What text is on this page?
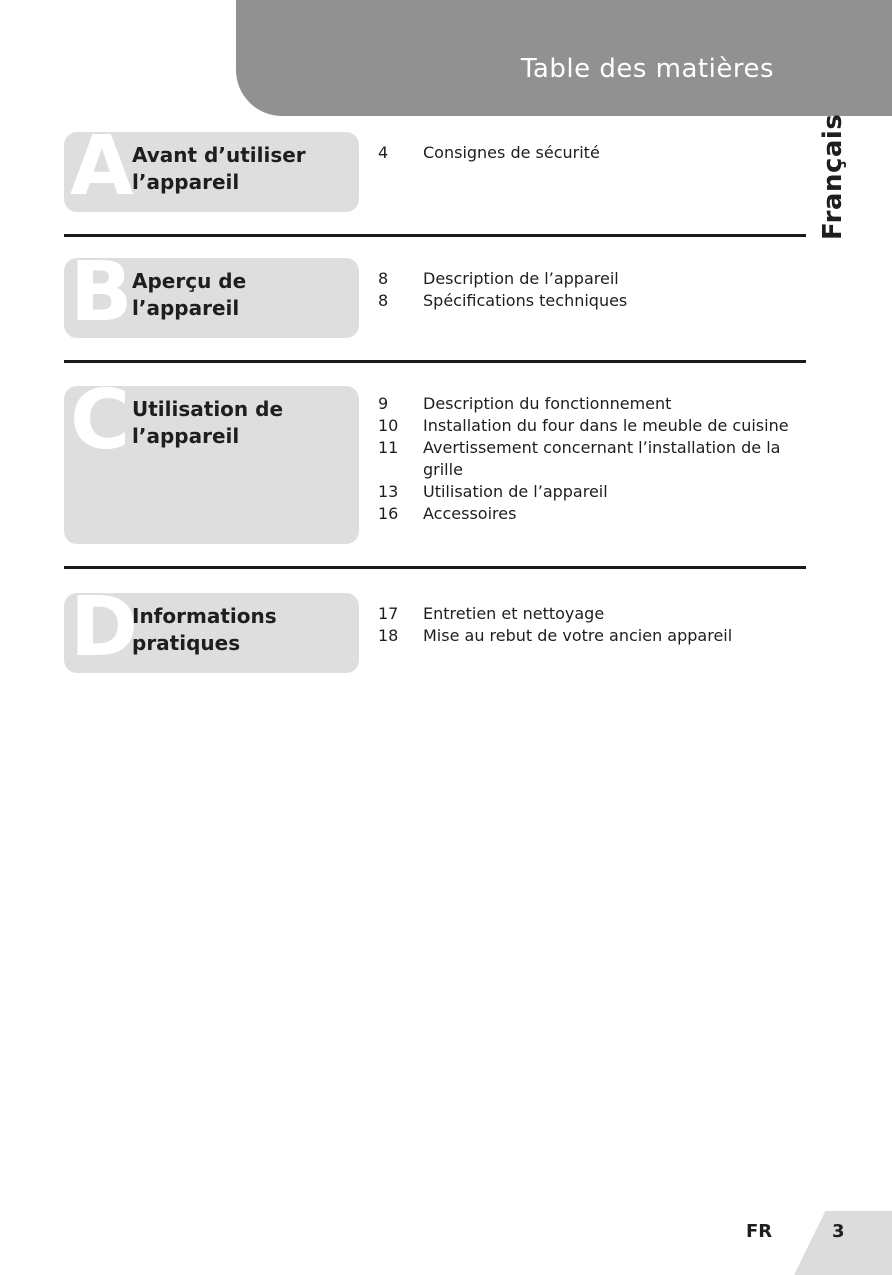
Table des matières
Français
A
Avant d’utiliser l’appareil
4	Consignes de sécurité
B Aperçu de l’appareil
8	Description de l’appareil
8	Spécifications techniques
C Utilisation de l’appareil
9	Description du fonctionnement
10	Installation du four dans le meuble de cuisine
11	Avertissement concernant l’installation de la grille
13	Utilisation de l’appareil
16	Accessoires
D
Informations pratiques
17	Entretien et nettoyage
18	Mise au rebut de votre ancien appareil
FR	3
